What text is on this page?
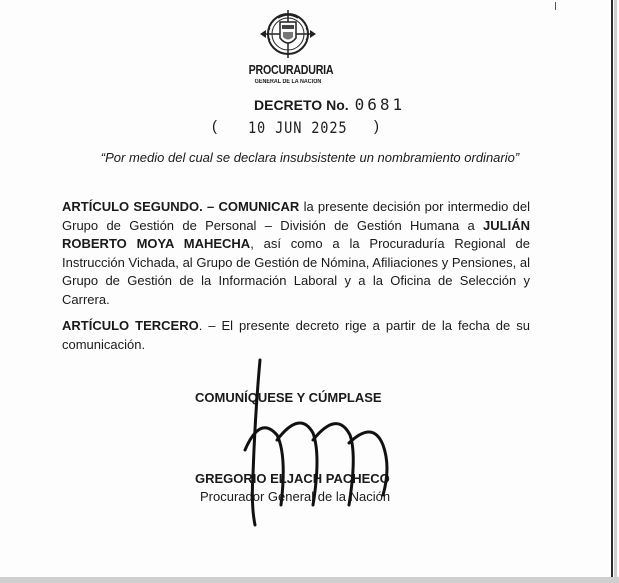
PROCURADURIA
GENERAL DE LA NACION
DECRETO No. 0681
( 10 JUN 2025 )
“Por medio del cual se declara insubsistente un nombramiento ordinario”
ARTÍCULO SEGUNDO. – COMUNICAR la presente decisión por intermedio del Grupo de Gestión de Personal – División de Gestión Humana a JULIÁN ROBERTO MOYA MAHECHA, así como a la Procuraduría Regional de Instrucción Vichada, al Grupo de Gestión de Nómina, Afiliaciones y Pensiones, al Grupo de Gestión de la Información Laboral y a la Oficina de Selección y Carrera.
ARTÍCULO TERCERO. – El presente decreto rige a partir de la fecha de su comunicación.
COMUNÍQUESE Y CÚMPLASE
GREGORIO ELJACH PACHECO
Procurador General de la Nación
